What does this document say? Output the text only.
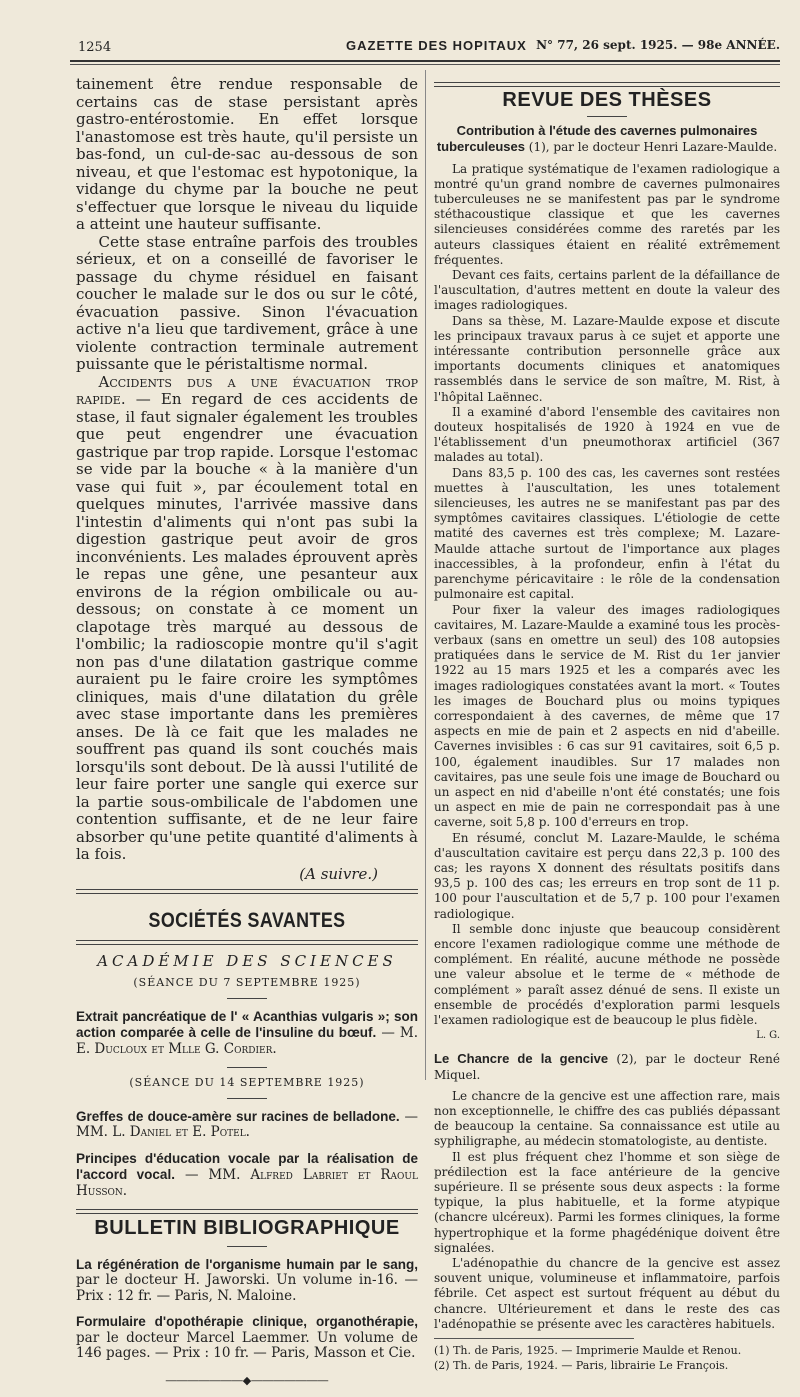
1254	GAZETTE DES HOPITAUX N° 77, 26 sept. 1925. — 98e ANNÉE.

tainement être rendue responsable de certains cas de stase persistant après gastro-entérostomie. En effet lorsque l'anastomose est très haute, qu'il persiste un bas-fond, un cul-de-sac au-dessous de son niveau, et que l'estomac est hypotonique, la vidange du chyme par la bouche ne peut s'effectuer que lorsque le niveau du liquide a atteint une hauteur suffisante.

Cette stase entraîne parfois des troubles sérieux, et on a conseillé de favoriser le passage du chyme résiduel en faisant coucher le malade sur le dos ou sur le côté, évacuation passive. Sinon l'évacuation active n'a lieu que tardivement, grâce à une violente contraction terminale autrement puissante que le péristaltisme normal.

Accidents dus a une évacuation trop rapide. — En regard de ces accidents de stase, il faut signaler également les troubles que peut engendrer une évacuation gastrique par trop rapide. Lorsque l'estomac se vide par la bouche « à la manière d'un vase qui fuit », par écoulement total en quelques minutes, l'arrivée massive dans l'intestin d'aliments qui n'ont pas subi la digestion gastrique peut avoir de gros inconvénients. Les malades éprouvent après le repas une gêne, une pesanteur aux environs de la région ombilicale ou au-dessous; on constate à ce moment un clapotage très marqué au dessous de l'ombilic; la radioscopie montre qu'il s'agit non pas d'une dilatation gastrique comme auraient pu le faire croire les symptômes cliniques, mais d'une dilatation du grêle avec stase importante dans les premières anses. De là ce fait que les malades ne souffrent pas quand ils sont couchés mais lorsqu'ils sont debout. De là aussi l'utilité de leur faire porter une sangle qui exerce sur la partie sous-ombilicale de l'abdomen une contention suffisante, et de ne leur faire absorber qu'une petite quantité d'aliments à la fois.

(A suivre.)
SOCIÉTÉS SAVANTES
ACADÉMIE DES SCIENCES
(SÉANCE DU 7 SEPTEMBRE 1925)

Extrait pancréatique de l' « Acanthias vulgaris »; son action comparée à celle de l'insuline du bœuf. — M. E. Ducloux et Mlle G. Cordier.

(SÉANCE DU 14 SEPTEMBRE 1925)

Greffes de douce-amère sur racines de belladone. — MM. L. Daniel et E. Potel.

Principes d'éducation vocale par la réalisation de l'accord vocal. — MM. Alfred Labriet et Raoul Husson.

BULLETIN BIBLIOGRAPHIQUE

La régénération de l'organisme humain par le sang, par le docteur H. Jaworski. Un volume in-16. — Prix : 12 fr. — Paris, N. Maloine.

Formulaire d'opothérapie clinique, organothérapie, par le docteur Marcel Laemmer. Un volume de 146 pages. — Prix : 10 fr. — Paris, Masson et Cie.

―――――――◆―――――――
REVUE DES THÈSES

Contribution à l'étude des cavernes pulmonaires tuberculeuses (1), par le docteur Henri Lazare-Maulde.

La pratique systématique de l'examen radiologique a montré qu'un grand nombre de cavernes pulmonaires tuberculeuses ne se manifestent pas par le syndrome stéthacoustique classique et que les cavernes silencieuses considérées comme des raretés par les auteurs classiques étaient en réalité extrêmement fréquentes.

Devant ces faits, certains parlent de la défaillance de l'auscultation, d'autres mettent en doute la valeur des images radiologiques.

Dans sa thèse, M. Lazare-Maulde expose et discute les principaux travaux parus à ce sujet et apporte une intéressante contribution personnelle grâce aux importants documents cliniques et anatomiques rassemblés dans le service de son maître, M. Rist, à l'hôpital Laënnec.

Il a examiné d'abord l'ensemble des cavitaires non douteux hospitalisés de 1920 à 1924 en vue de l'établissement d'un pneumothorax artificiel (367 malades au total).

Dans 83,5 p. 100 des cas, les cavernes sont restées muettes à l'auscultation, les unes totalement silencieuses, les autres ne se manifestant pas par des symptômes cavitaires classiques. L'étiologie de cette matité des cavernes est très complexe; M. Lazare-Maulde attache surtout de l'importance aux plages inaccessibles, à la profondeur, enfin à l'état du parenchyme péricavitaire : le rôle de la condensation pulmonaire est capital.

Pour fixer la valeur des images radiologiques cavitaires, M. Lazare-Maulde a examiné tous les procès-verbaux (sans en omettre un seul) des 108 autopsies pratiquées dans le service de M. Rist du 1er janvier 1922 au 15 mars 1925 et les a comparés avec les images radiologiques constatées avant la mort. « Toutes les images de Bouchard plus ou moins typiques correspondaient à des cavernes, de même que 17 aspects en mie de pain et 2 aspects en nid d'abeille. Cavernes invisibles : 6 cas sur 91 cavitaires, soit 6,5 p. 100, également inaudibles. Sur 17 malades non cavitaires, pas une seule fois une image de Bouchard ou un aspect en nid d'abeille n'ont été constatés; une fois un aspect en mie de pain ne correspondait pas à une caverne, soit 5,8 p. 100 d'erreurs en trop.

En résumé, conclut M. Lazare-Maulde, le schéma d'auscultation cavitaire est perçu dans 22,3 p. 100 des cas; les rayons X donnent des résultats positifs dans 93,5 p. 100 des cas; les erreurs en trop sont de 11 p. 100 pour l'auscultation et de 5,7 p. 100 pour l'examen radiologique.

Il semble donc injuste que beaucoup considèrent encore l'examen radiologique comme une méthode de complément. En réalité, aucune méthode ne possède une valeur absolue et le terme de « méthode de complément » paraît assez dénué de sens. Il existe un ensemble de procédés d'exploration parmi lesquels l'examen radiologique est de beaucoup le plus fidèle.

L. G.

Le Chancre de la gencive (2), par le docteur René Miquel.

Le chancre de la gencive est une affection rare, mais non exceptionnelle, le chiffre des cas publiés dépassant de beaucoup la centaine. Sa connaissance est utile au syphiligraphe, au médecin stomatologiste, au dentiste.

Il est plus fréquent chez l'homme et son siège de prédilection est la face antérieure de la gencive supérieure. Il se présente sous deux aspects : la forme typique, la plus habituelle, et la forme atypique (chancre ulcéreux). Parmi les formes cliniques, la forme hypertrophique et la forme phagédénique doivent être signalées.

L'adénopathie du chancre de la gencive est assez souvent unique, volumineuse et inflammatoire, parfois fébrile. Cet aspect est surtout fréquent au début du chancre. Ultérieurement et dans le reste des cas l'adénopathie se présente avec les caractères habituels.

(1) Th. de Paris, 1925. — Imprimerie Maulde et Renou.
(2) Th. de Paris, 1924. — Paris, librairie Le François.
